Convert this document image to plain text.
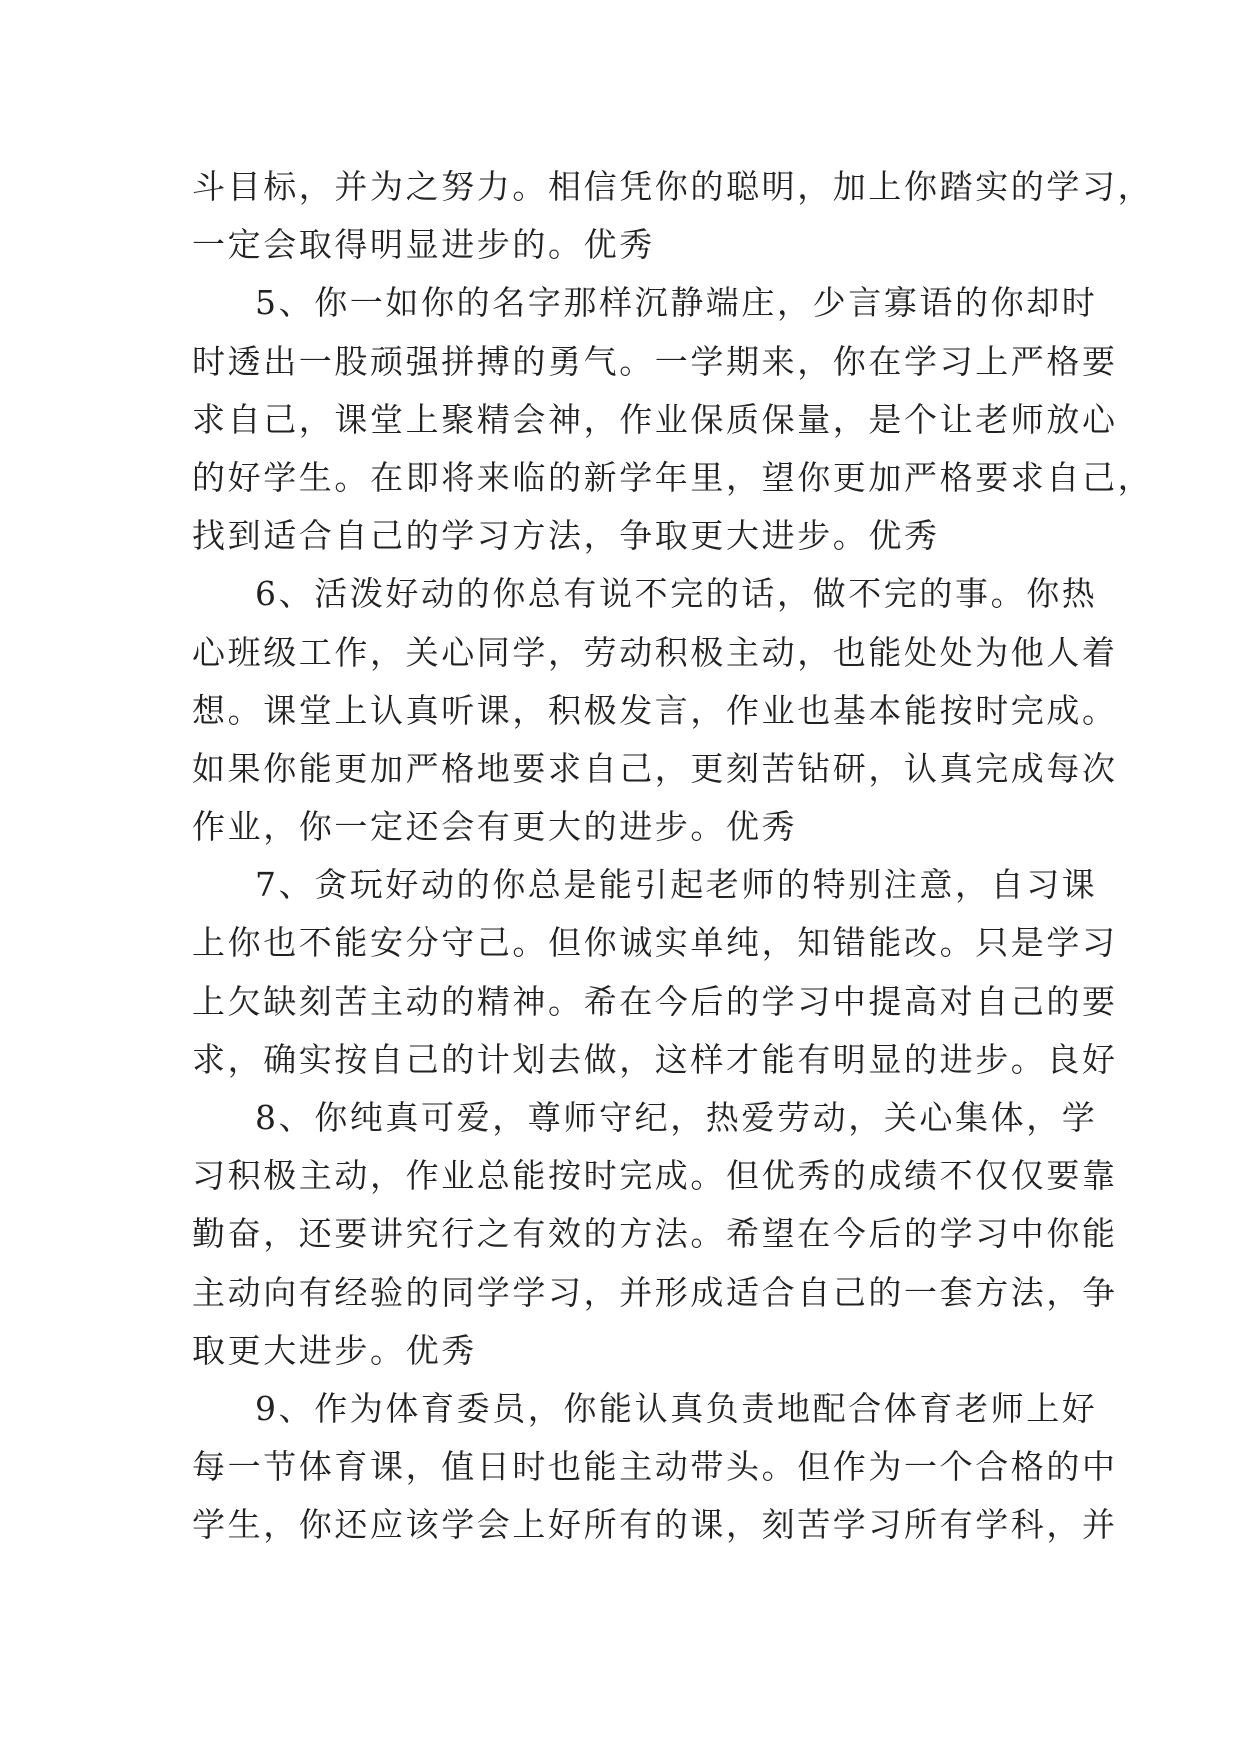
斗目标，并为之努力。相信凭你的聪明，加上你踏实的学习，
一定会取得明显进步的。优秀
5、你一如你的名字那样沉静端庄，少言寡语的你却时
时透出一股顽强拼搏的勇气。一学期来，你在学习上严格要
求自己，课堂上聚精会神，作业保质保量，是个让老师放心
的好学生。在即将来临的新学年里，望你更加严格要求自己，
找到适合自己的学习方法，争取更大进步。优秀
6、活泼好动的你总有说不完的话，做不完的事。你热
心班级工作，关心同学，劳动积极主动，也能处处为他人着
想。课堂上认真听课，积极发言，作业也基本能按时完成。
如果你能更加严格地要求自己，更刻苦钻研，认真完成每次
作业，你一定还会有更大的进步。优秀
7、贪玩好动的你总是能引起老师的特别注意，自习课
上你也不能安分守己。但你诚实单纯，知错能改。只是学习
上欠缺刻苦主动的精神。希在今后的学习中提高对自己的要
求，确实按自己的计划去做，这样才能有明显的进步。良好
8、你纯真可爱，尊师守纪，热爱劳动，关心集体，学
习积极主动，作业总能按时完成。但优秀的成绩不仅仅要靠
勤奋，还要讲究行之有效的方法。希望在今后的学习中你能
主动向有经验的同学学习，并形成适合自己的一套方法，争
取更大进步。优秀
9、作为体育委员，你能认真负责地配合体育老师上好
每一节体育课，值日时也能主动带头。但作为一个合格的中
学生，你还应该学会上好所有的课，刻苦学习所有学科，并
